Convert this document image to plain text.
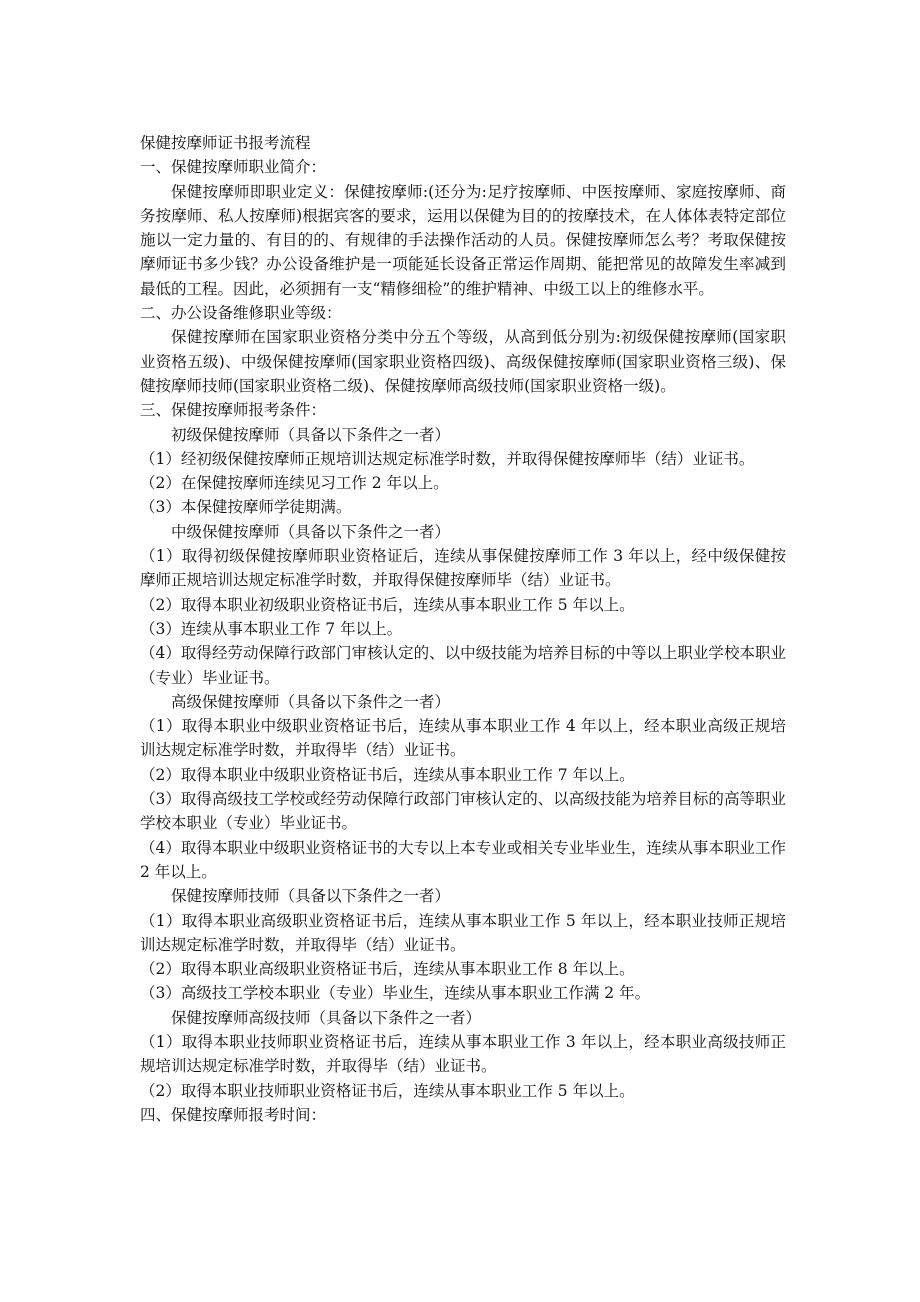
保健按摩师证书报考流程
一、保健按摩师职业简介：
保健按摩师即职业定义：保健按摩师:(还分为:足疗按摩师、中医按摩师、家庭按摩师、商务按摩师、私人按摩师)根据宾客的要求，运用以保健为目的的按摩技术，在人体体表特定部位施以一定力量的、有目的的、有规律的手法操作活动的人员。保健按摩师怎么考？考取保健按摩师证书多少钱？办公设备维护是一项能延长设备正常运作周期、能把常见的故障发生率减到最低的工程。因此，必须拥有一支“精修细检”的维护精神、中级工以上的维修水平。
二、办公设备维修职业等级：
保健按摩师在国家职业资格分类中分五个等级，从高到低分别为:初级保健按摩师(国家职业资格五级)、中级保健按摩师(国家职业资格四级)、高级保健按摩师(国家职业资格三级)、保健按摩师技师(国家职业资格二级)、保健按摩师高级技师(国家职业资格一级)。
三、保健按摩师报考条件：
初级保健按摩师（具备以下条件之一者）
（1）经初级保健按摩师正规培训达规定标准学时数，并取得保健按摩师毕（结）业证书。
（2）在保健按摩师连续见习工作 2 年以上。
（3）本保健按摩师学徒期满。
中级保健按摩师（具备以下条件之一者）
（1）取得初级保健按摩师职业资格证后，连续从事保健按摩师工作 3 年以上，经中级保健按摩师正规培训达规定标准学时数，并取得保健按摩师毕（结）业证书。
（2）取得本职业初级职业资格证书后，连续从事本职业工作 5 年以上。
（3）连续从事本职业工作 7 年以上。
（4）取得经劳动保障行政部门审核认定的、以中级技能为培养目标的中等以上职业学校本职业（专业）毕业证书。
高级保健按摩师（具备以下条件之一者）
（1）取得本职业中级职业资格证书后，连续从事本职业工作 4 年以上，经本职业高级正规培训达规定标准学时数，并取得毕（结）业证书。
（2）取得本职业中级职业资格证书后，连续从事本职业工作 7 年以上。
（3）取得高级技工学校或经劳动保障行政部门审核认定的、以高级技能为培养目标的高等职业学校本职业（专业）毕业证书。
（4）取得本职业中级职业资格证书的大专以上本专业或相关专业毕业生，连续从事本职业工作 2 年以上。
保健按摩师技师（具备以下条件之一者）
（1）取得本职业高级职业资格证书后，连续从事本职业工作 5 年以上，经本职业技师正规培训达规定标准学时数，并取得毕（结）业证书。
（2）取得本职业高级职业资格证书后，连续从事本职业工作 8 年以上。
（3）高级技工学校本职业（专业）毕业生，连续从事本职业工作满 2 年。
保健按摩师高级技师（具备以下条件之一者）
（1）取得本职业技师职业资格证书后，连续从事本职业工作 3 年以上，经本职业高级技师正规培训达规定标准学时数，并取得毕（结）业证书。
（2）取得本职业技师职业资格证书后，连续从事本职业工作 5 年以上。
四、保健按摩师报考时间：
